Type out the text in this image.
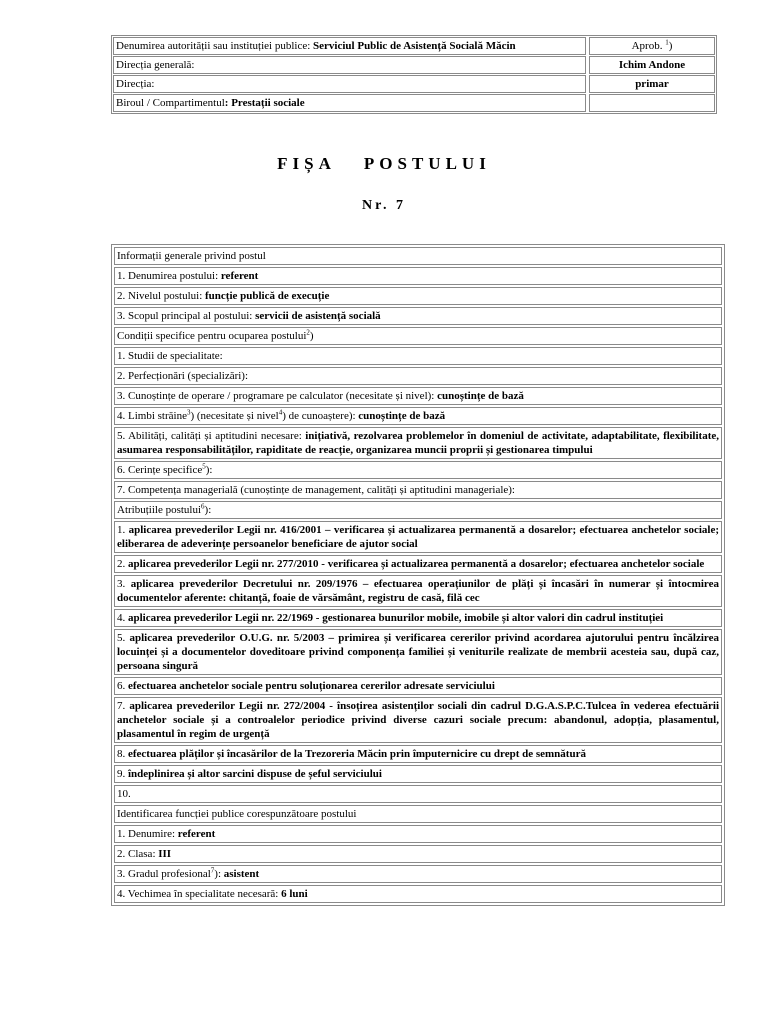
Denumirea autorității sau instituției publice: Serviciul Public de Asistență Socială Măcin	Aprob. $^1$)
Direcția generală:	Ichim Andone
Direcția:	primar
Biroul / Compartimentul: Prestații sociale
FIȘA POSTULUI
Nr. 7
Informații generale privind postul
1. Denumirea postului: referent
2. Nivelul postului: funcție publică de execuție
3. Scopul principal al postului: servicii de asistență socială
Condiții specifice pentru ocuparea postului$^2$)
1. Studii de specialitate:
2. Perfecționări (specializări):
3. Cunoștințe de operare / programare pe calculator (necesitate și nivel): cunoștințe de bază
4. Limbi străine$^3$) (necesitate și nivel$^4$) de cunoaștere): cunoștințe de bază
5. Abilități, calități și aptitudini necesare: inițiativă, rezolvarea problemelor în domeniul de activitate, adaptabilitate, flexibilitate, asumarea responsabilităților, rapiditate de reacție, organizarea muncii proprii și gestionarea timpului
6. Cerințe specifice$^5$):
7. Competența managerială (cunoștințe de management, calități și aptitudini manageriale):
Atribuțiile postului$^6$):
1. aplicarea prevederilor Legii nr. 416/2001 – verificarea și actualizarea permanentă a dosarelor; efectuarea anchetelor sociale; eliberarea de adeverințe persoanelor beneficiare de ajutor social
2. aplicarea prevederilor Legii nr. 277/2010 - verificarea și actualizarea permanentă a dosarelor; efectuarea anchetelor sociale
3. aplicarea prevederilor Decretului nr. 209/1976 – efectuarea operațiunilor de plăți și încasări în numerar și întocmirea documentelor aferente: chitanță, foaie de vărsământ, registru de casă, filă cec
4. aplicarea prevederilor Legii nr. 22/1969 - gestionarea bunurilor mobile, imobile și altor valori din cadrul instituției
5. aplicarea prevederilor O.U.G. nr. 5/2003 – primirea și verificarea cererilor privind acordarea ajutorului pentru încălzirea locuinței și a documentelor doveditoare privind componența familiei și veniturile realizate de membrii acesteia sau, după caz, persoana singură
6. efectuarea anchetelor sociale pentru soluționarea cererilor adresate serviciului
7. aplicarea prevederilor Legii nr. 272/2004 - însoțirea asistenților sociali din cadrul D.G.A.S.P.C.Tulcea în vederea efectuării anchetelor sociale și a controalelor periodice privind diverse cazuri sociale precum: abandonul, adopția, plasamentul, plasamentul în regim de urgență
8. efectuarea plăților și încasărilor de la Trezoreria Măcin prin împuternicire cu drept de semnătură
9. îndeplinirea și altor sarcini dispuse de șeful serviciului
10.
Identificarea funcției publice corespunzătoare postului
1. Denumire: referent
2. Clasa: III
3. Gradul profesional$^7$): asistent
4. Vechimea în specialitate necesară: 6 luni
